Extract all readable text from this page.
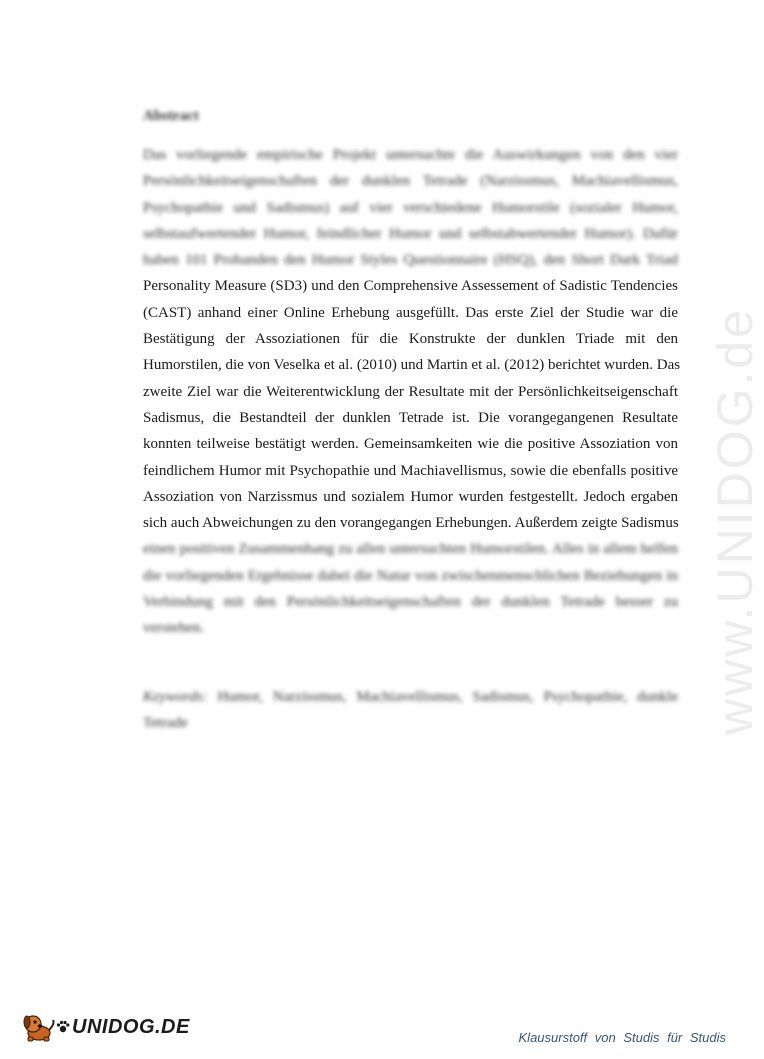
Abstract
Das vorliegende empirische Projekt untersuchte die Auswirkungen von den vier
Persönlichkeitseigenschaften der dunklen Tetrade (Narzissmus, Machiavellismus,
Psychopathie und Sadismus) auf vier verschiedene Humorstile (sozialer Humor,
selbstaufwertender Humor, feindlicher Humor und selbstabwertender Humor). Dafür
haben 101 Probanden den Humor Styles Questionnaire (HSQ), den Short Dark Triad
Personality Measure (SD3) und den Comprehensive Assessement of Sadistic Tendencies
(CAST) anhand einer Online Erhebung ausgefüllt. Das erste Ziel der Studie war die
Bestätigung der Assoziationen für die Konstrukte der dunklen Triade mit den
Humorstilen, die von Veselka et al. (2010) und Martin et al. (2012) berichtet wurden. Das
zweite Ziel war die Weiterentwicklung der Resultate mit der Persönlichkeitseigenschaft
Sadismus, die Bestandteil der dunklen Tetrade ist. Die vorangegangenen Resultate
konnten teilweise bestätigt werden. Gemeinsamkeiten wie die positive Assoziation von
feindlichem Humor mit Psychopathie und Machiavellismus, sowie die ebenfalls positive
Assoziation von Narzissmus und sozialem Humor wurden festgestellt. Jedoch ergaben
sich auch Abweichungen zu den vorangegangen Erhebungen. Außerdem zeigte Sadismus
einen positiven Zusammenhang zu allen untersuchten Humorstilen. Alles in allem helfen
die vorliegenden Ergebnisse dabei die Natur von zwischenmenschlichen Beziehungen in
Verbindung mit den Persönlichkeitseigenschaften der dunklen Tetrade besser zu
verstehen.
Keywords: Humor, Narzissmus, Machiavellismus, Sadismus, Psychopathie, dunkle
Tetrade	www.UNIDOG.de
UNIDOG.DE	Klausurstoff von Studis für Studis
